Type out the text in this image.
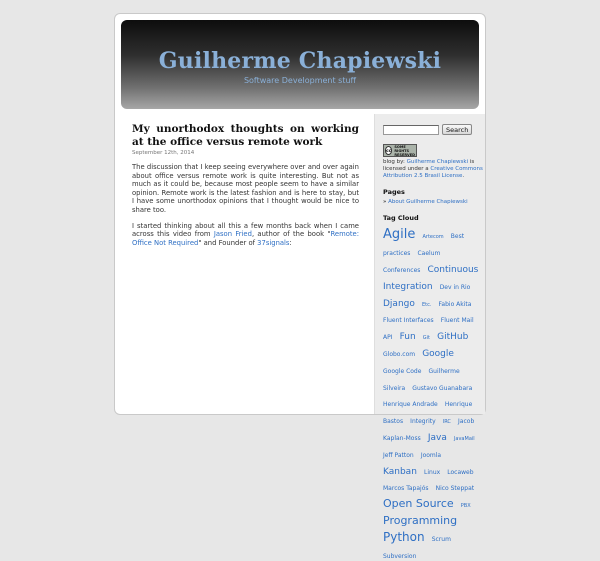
Guilherme Chapiewski
Software Development stuff
My unorthodox thoughts on working at the office versus remote work
September 12th, 2014

The discussion that I keep seeing everywhere over and over again about office versus remote work is quite interesting. But not as much as it could be, because most people seem to have a similar opinion. Remote work is the latest fashion and is here to stay, but I have some unorthodox opinions that I thought would be nice to share too.

I started thinking about all this a few months back when I came across this video from Jason Fried, author of the book "Remote: Office Not Required" and Founder of 37signals:

Search
cc
SOME RIGHTS RESERVED
blog by: Guilherme Chapiewski is licensed under a Creative Commons Attribution 2.5 Brasil License.
Pages
» About Guilherme Chapiewski
Tag Cloud
Agile Artecom Best practices Caelum Conferences Continuous Integration Dev in Rio Django Etc. Fabio Akita Fluent Interfaces Fluent Mail API Fun Git GitHub Globo.com Google Google Code Guilherme Silveira Gustavo Guanabara Henrique Andrade Henrique Bastos Integrity IRC Jacob Kaplan-Moss Java JavaMail Jeff Patton Joomla Kanban Linux Locaweb Marcos Tapajós Nico Steppat Open Source PBX Programming Python Scrum Subversion
